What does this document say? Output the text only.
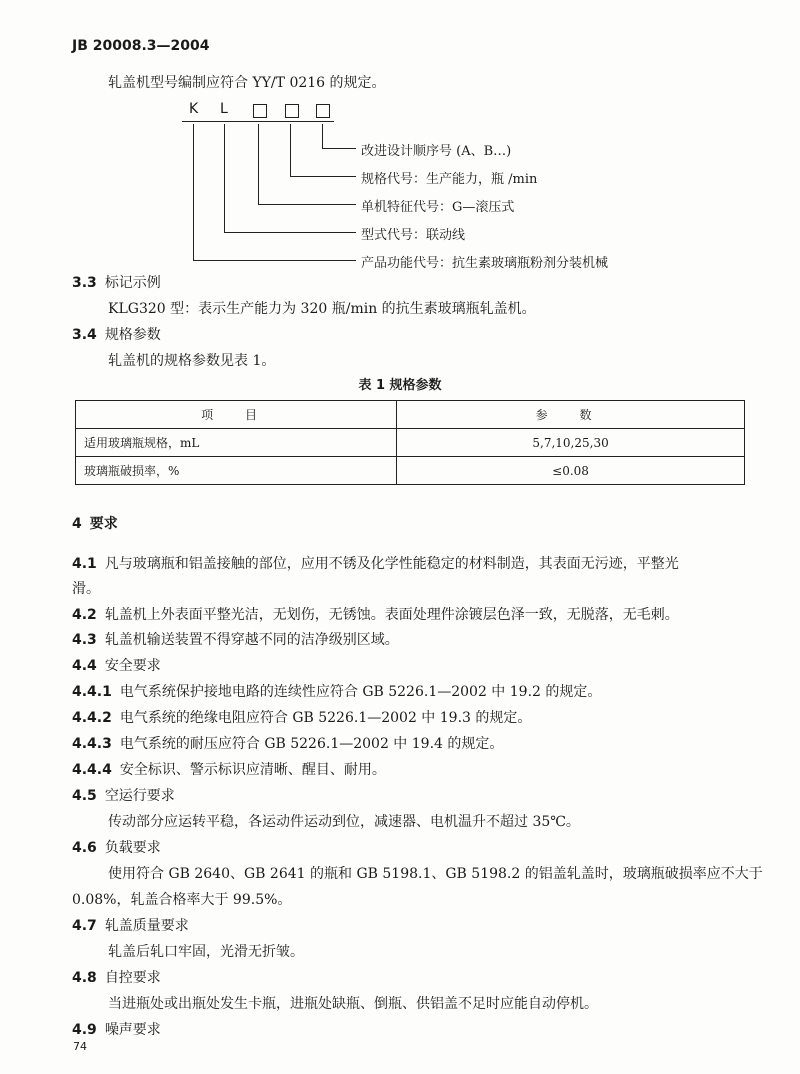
JB 20008.3—2004
轧盖机型号编制应符合 YY/T 0216 的规定。
K L
改进设计顺序号 (A、B…)
规格代号：生产能力，瓶 /min
单机特征代号：G—滚压式
型式代号：联动线
产品功能代号：抗生素玻璃瓶粉剂分装机械
3.3 标记示例
KLG320 型：表示生产能力为 320 瓶/min 的抗生素玻璃瓶轧盖机。
3.4 规格参数
轧盖机的规格参数见表 1。
表 1 规格参数
项 目	参 数
适用玻璃瓶规格，mL	5,7,10,25,30
玻璃瓶破损率，%	≤0.08
4 要求
4.1 凡与玻璃瓶和铝盖接触的部位，应用不锈及化学性能稳定的材料制造，其表面无污迹，平整光
滑。
4.2 轧盖机上外表面平整光洁，无划伤，无锈蚀。表面处理件涂镀层色泽一致，无脱落，无毛刺。
4.3 轧盖机输送装置不得穿越不同的洁净级别区域。
4.4 安全要求
4.4.1 电气系统保护接地电路的连续性应符合 GB 5226.1—2002 中 19.2 的规定。
4.4.2 电气系统的绝缘电阻应符合 GB 5226.1—2002 中 19.3 的规定。
4.4.3 电气系统的耐压应符合 GB 5226.1—2002 中 19.4 的规定。
4.4.4 安全标识、警示标识应清晰、醒目、耐用。
4.5 空运行要求
传动部分应运转平稳，各运动件运动到位，减速器、电机温升不超过 35℃。
4.6 负载要求
使用符合 GB 2640、GB 2641 的瓶和 GB 5198.1、GB 5198.2 的铝盖轧盖时，玻璃瓶破损率应不大于
0.08%，轧盖合格率大于 99.5%。
4.7 轧盖质量要求
轧盖后轧口牢固，光滑无折皱。
4.8 自控要求
当进瓶处或出瓶处发生卡瓶，进瓶处缺瓶、倒瓶、供铝盖不足时应能自动停机。
4.9 噪声要求
74
